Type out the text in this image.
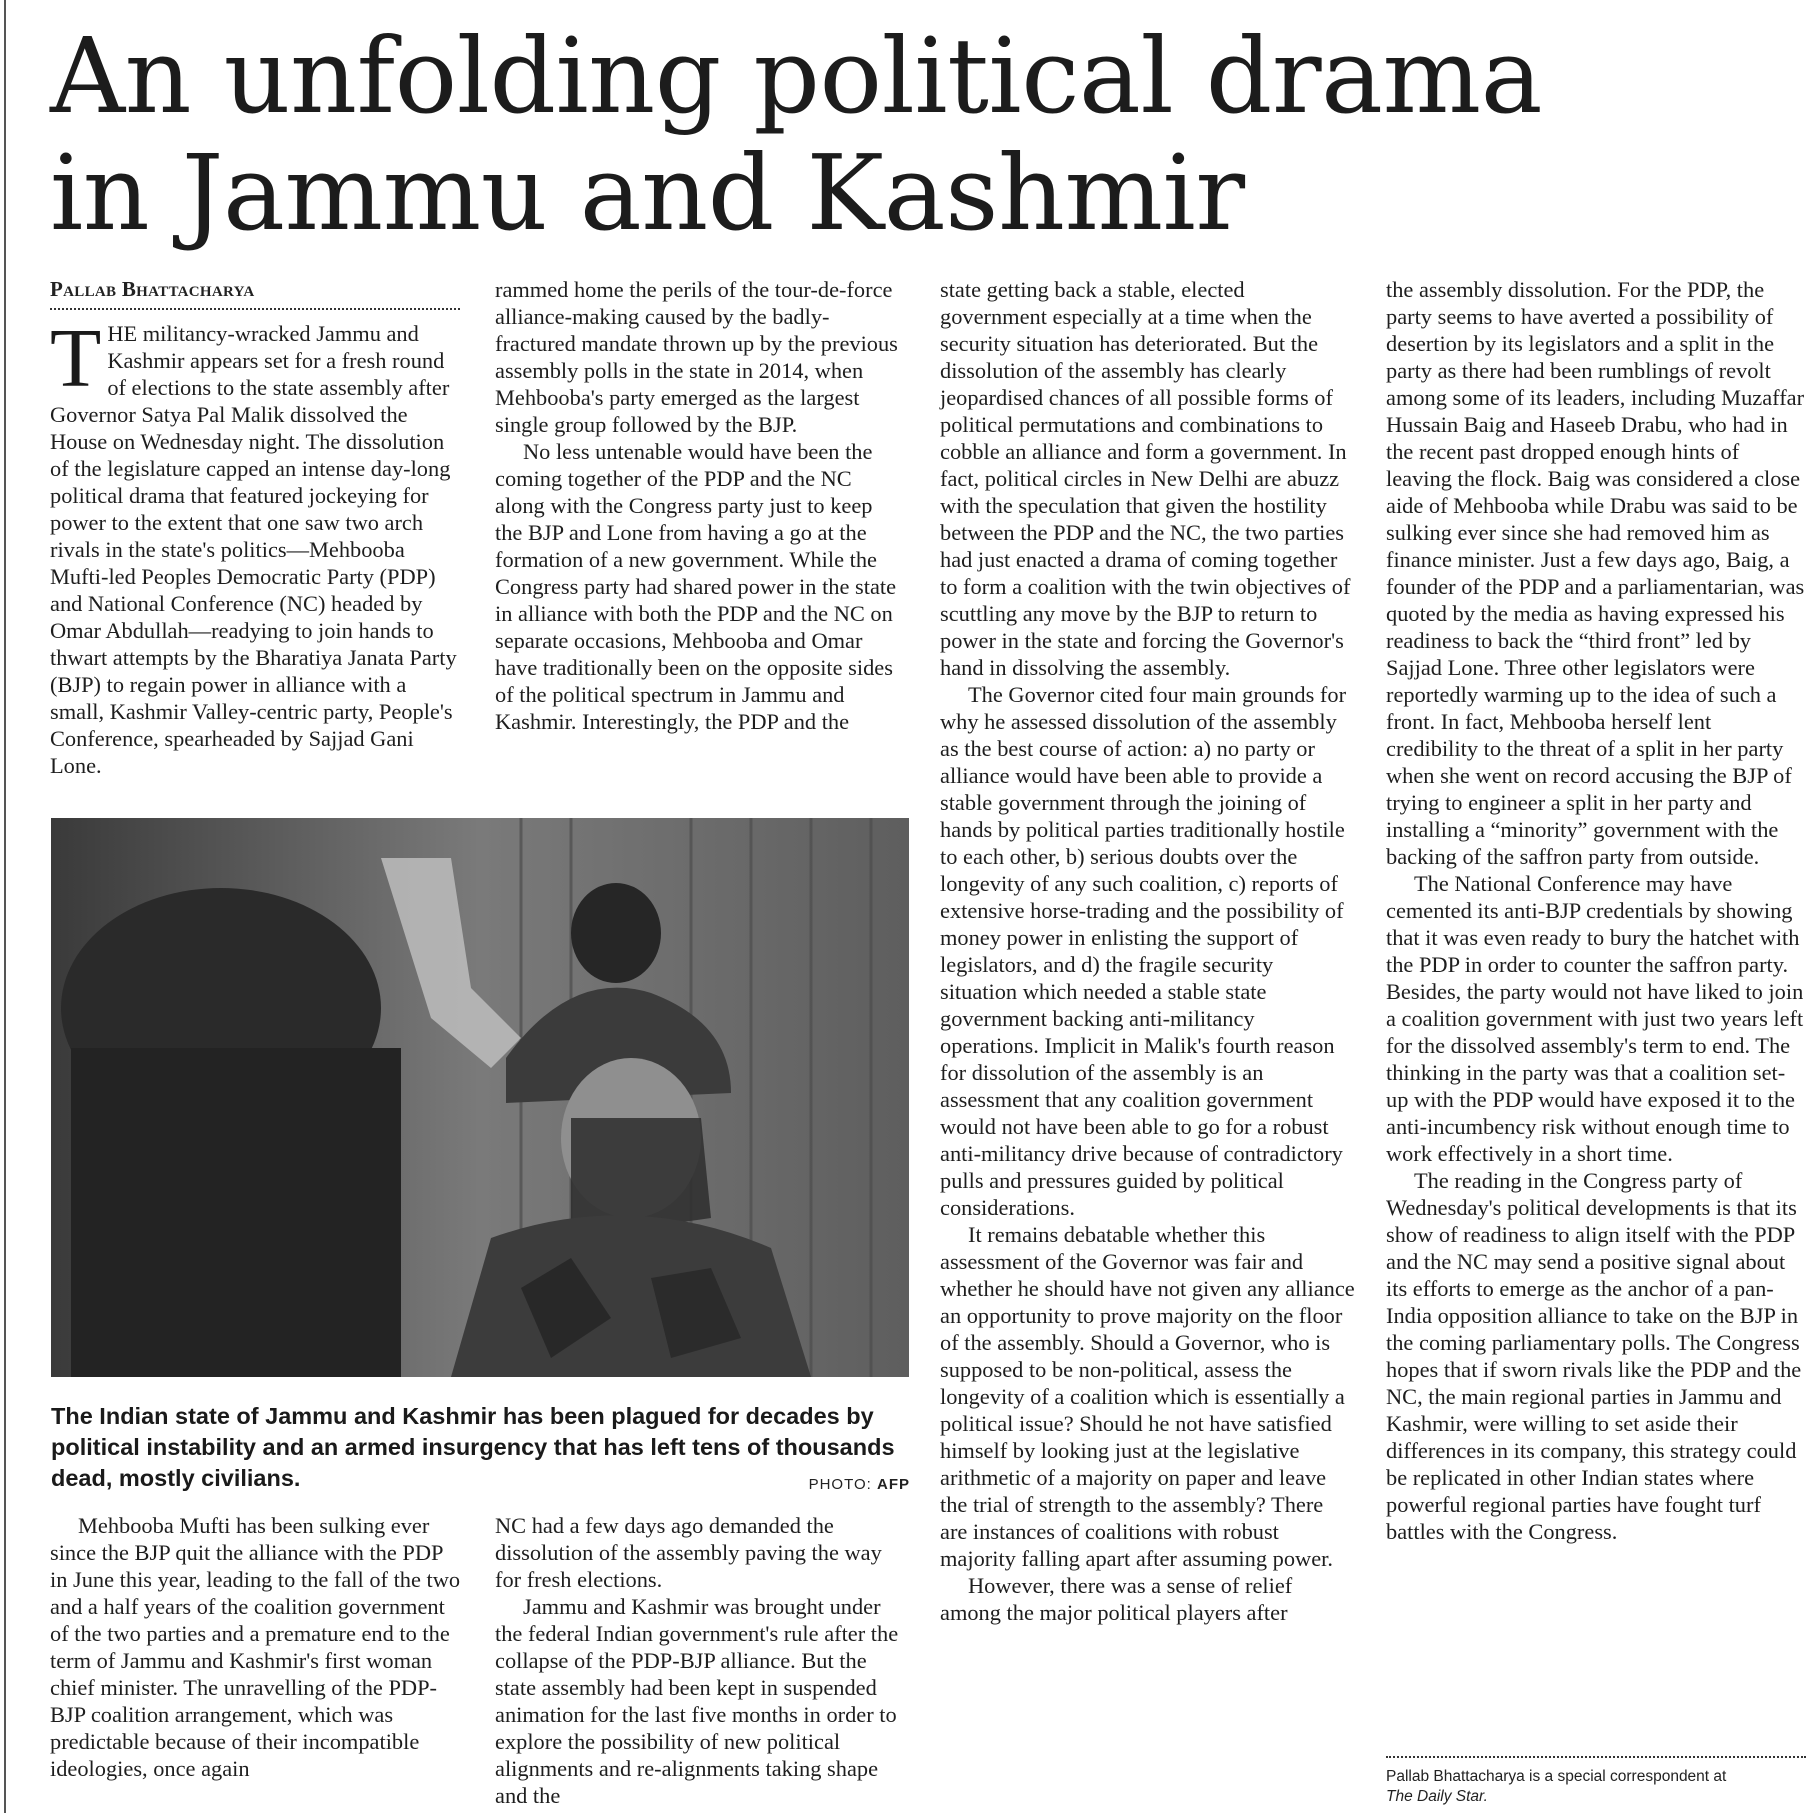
An unfolding political drama
in Jammu and Kashmir
Pallab Bhattacharya

THE militancy-wracked Jammu and Kashmir appears set for a fresh round of elections to the state assembly after Governor Satya Pal Malik dissolved the House on Wednesday night. The dissolution of the legislature capped an intense day-long political drama that featured jockeying for power to the extent that one saw two arch rivals in the state's politics—Mehbooba Mufti-led Peoples Democratic Party (PDP) and National Conference (NC) headed by Omar Abdullah—readying to join hands to thwart attempts by the Bharatiya Janata Party (BJP) to regain power in alliance with a small, Kashmir Valley-centric party, People's Conference, spearheaded by Sajjad Gani Lone.

rammed home the perils of the tour-de-force alliance-making caused by the badly-fractured mandate thrown up by the previous assembly polls in the state in 2014, when Mehbooba's party emerged as the largest single group followed by the BJP.

No less untenable would have been the coming together of the PDP and the NC along with the Congress party just to keep the BJP and Lone from having a go at the formation of a new government. While the Congress party had shared power in the state in alliance with both the PDP and the NC on separate occasions, Mehbooba and Omar have traditionally been on the opposite sides of the political spectrum in Jammu and Kashmir. Interestingly, the PDP and the

The Indian state of Jammu and Kashmir has been plagued for decades by political instability and an armed insurgency that has left tens of thousands dead, mostly civilians.	PHOTO: AFP

Mehbooba Mufti has been sulking ever since the BJP quit the alliance with the PDP in June this year, leading to the fall of the two and a half years of the coalition government of the two parties and a premature end to the term of Jammu and Kashmir's first woman chief minister. The unravelling of the PDP-BJP coalition arrangement, which was predictable because of their incompatible ideologies, once again

NC had a few days ago demanded the dissolution of the assembly paving the way for fresh elections.

Jammu and Kashmir was brought under the federal Indian government's rule after the collapse of the PDP-BJP alliance. But the state assembly had been kept in suspended animation for the last five months in order to explore the possibility of new political alignments and re-alignments taking shape and the

state getting back a stable, elected government especially at a time when the security situation has deteriorated. But the dissolution of the assembly has clearly jeopardised chances of all possible forms of political permutations and combinations to cobble an alliance and form a government. In fact, political circles in New Delhi are abuzz with the speculation that given the hostility between the PDP and the NC, the two parties had just enacted a drama of coming together to form a coalition with the twin objectives of scuttling any move by the BJP to return to power in the state and forcing the Governor's hand in dissolving the assembly.

The Governor cited four main grounds for why he assessed dissolution of the assembly as the best course of action: a) no party or alliance would have been able to provide a stable government through the joining of hands by political parties traditionally hostile to each other, b) serious doubts over the longevity of any such coalition, c) reports of extensive horse-trading and the possibility of money power in enlisting the support of legislators, and d) the fragile security situation which needed a stable state government backing anti-militancy operations. Implicit in Malik's fourth reason for dissolution of the assembly is an assessment that any coalition government would not have been able to go for a robust anti-militancy drive because of contradictory pulls and pressures guided by political considerations.

It remains debatable whether this assessment of the Governor was fair and whether he should have not given any alliance an opportunity to prove majority on the floor of the assembly. Should a Governor, who is supposed to be non-political, assess the longevity of a coalition which is essentially a political issue? Should he not have satisfied himself by looking just at the legislative arithmetic of a majority on paper and leave the trial of strength to the assembly? There are instances of coalitions with robust majority falling apart after assuming power.

However, there was a sense of relief among the major political players after

the assembly dissolution. For the PDP, the party seems to have averted a possibility of desertion by its legislators and a split in the party as there had been rumblings of revolt among some of its leaders, including Muzaffar Hussain Baig and Haseeb Drabu, who had in the recent past dropped enough hints of leaving the flock. Baig was considered a close aide of Mehbooba while Drabu was said to be sulking ever since she had removed him as finance minister. Just a few days ago, Baig, a founder of the PDP and a parliamentarian, was quoted by the media as having expressed his readiness to back the “third front” led by Sajjad Lone. Three other legislators were reportedly warming up to the idea of such a front. In fact, Mehbooba herself lent credibility to the threat of a split in her party when she went on record accusing the BJP of trying to engineer a split in her party and installing a “minority” government with the backing of the saffron party from outside.

The National Conference may have cemented its anti-BJP credentials by showing that it was even ready to bury the hatchet with the PDP in order to counter the saffron party. Besides, the party would not have liked to join a coalition government with just two years left for the dissolved assembly's term to end. The thinking in the party was that a coalition set-up with the PDP would have exposed it to the anti-incumbency risk without enough time to work effectively in a short time.

The reading in the Congress party of Wednesday's political developments is that its show of readiness to align itself with the PDP and the NC may send a positive signal about its efforts to emerge as the anchor of a pan-India opposition alliance to take on the BJP in the coming parliamentary polls. The Congress hopes that if sworn rivals like the PDP and the NC, the main regional parties in Jammu and Kashmir, were willing to set aside their differences in its company, this strategy could be replicated in other Indian states where powerful regional parties have fought turf battles with the Congress.

Pallab Bhattacharya is a special correspondent at
The Daily Star.
